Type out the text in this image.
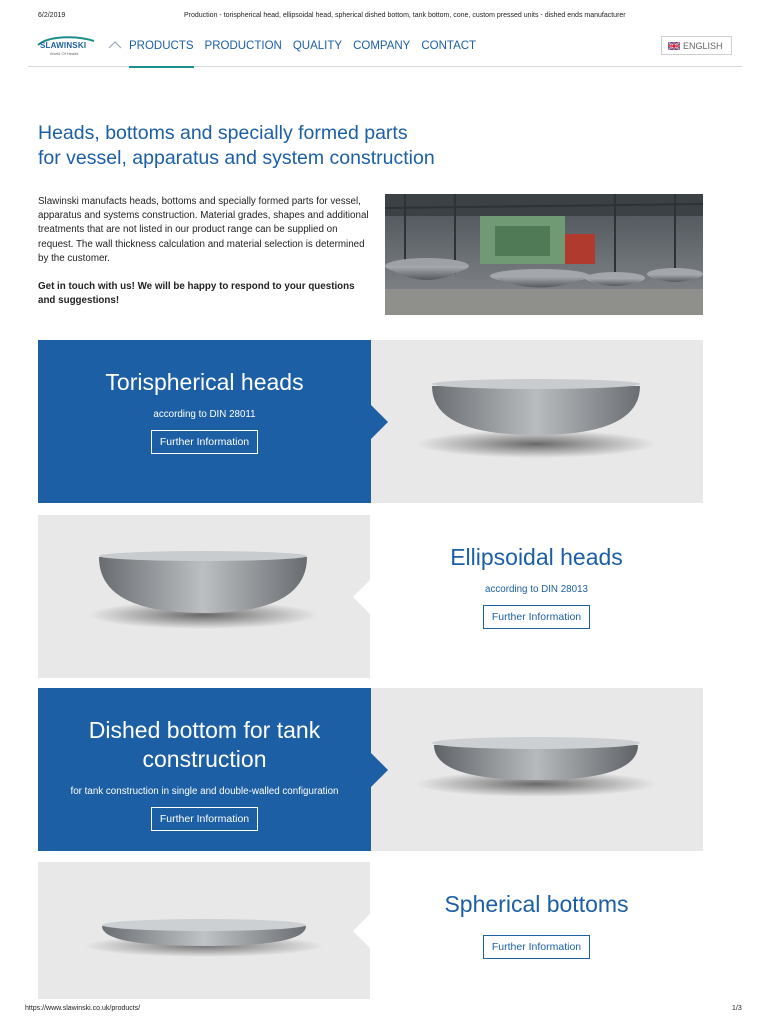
6/2/2019	Production - torispherical head, ellipsoidal head, spherical dished bottom, tank bottom, cone, custom pressed units - dished ends manufacturer
SLAWINSKI
World Of Heads
PRODUCTS PRODUCTION QUALITY COMPANY CONTACT	ENGLISH
Heads, bottoms and specially formed parts
for vessel, apparatus and system construction

Slawinski manufacts heads, bottoms and specially formed parts for vessel, apparatus and systems construction. Material grades, shapes and additional treatments that are not listed in our product range can be supplied on request. The wall thickness calculation and material selection is determined by the customer.

Get in touch with us! We will be happy to respond to your questions and suggestions!

Torispherical heads
according to DIN 28011
Further Information
Ellipsoidal heads
according to DIN 28013
Further Information
Dished bottom for tank construction
for tank construction in single and double-walled configuration
Further Information
Spherical bottoms
Further Information
https://www.slawinski.co.uk/products/	1/3
